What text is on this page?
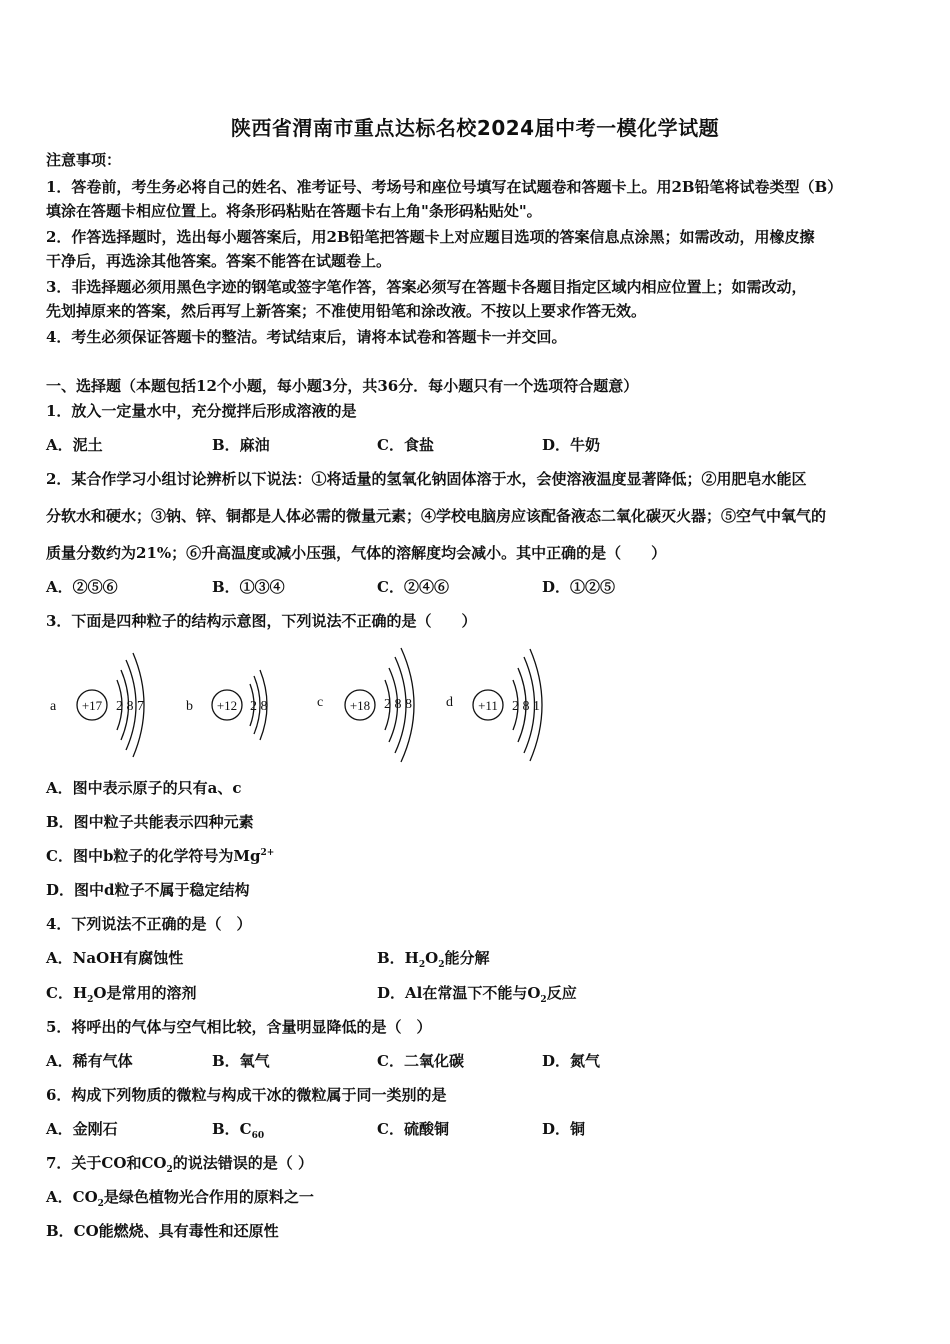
陕西省渭南市重点达标名校2024届中考一模化学试题
注意事项：
1．答卷前，考生务必将自己的姓名、准考证号、考场号和座位号填写在试题卷和答题卡上。用2B铅笔将试卷类型（B）
填涂在答题卡相应位置上。将条形码粘贴在答题卡右上角"条形码粘贴处"。
2．作答选择题时，选出每小题答案后，用2B铅笔把答题卡上对应题目选项的答案信息点涂黑；如需改动，用橡皮擦
干净后，再选涂其他答案。答案不能答在试题卷上。
3．非选择题必须用黑色字迹的钢笔或签字笔作答，答案必须写在答题卡各题目指定区域内相应位置上；如需改动，
先划掉原来的答案，然后再写上新答案；不准使用铅笔和涂改液。不按以上要求作答无效。
4．考生必须保证答题卡的整洁。考试结束后，请将本试卷和答题卡一并交回。
一、选择题（本题包括12个小题，每小题3分，共36分．每小题只有一个选项符合题意）
1．放入一定量水中，充分搅拌后形成溶液的是
A．泥土	B．麻油	C．食盐	D．牛奶
2．某合作学习小组讨论辨析以下说法：①将适量的氢氧化钠固体溶于水，会使溶液温度显著降低；②用肥皂水能区
分软水和硬水；③钠、锌、铜都是人体必需的微量元素；④学校电脑房应该配备液态二氧化碳灭火器；⑤空气中氧气的
质量分数约为21%；⑥升高温度或减小压强，气体的溶解度均会减小。其中正确的是（　　）
A．②⑤⑥	B．①③④	C．②④⑥	D．①②⑤
3．下面是四种粒子的结构示意图，下列说法不正确的是（　　）
a +17 2 8 7	b +12 2 8	c +18 2 8 8 d +11 2 8 1
A．图中表示原子的只有a、c
B．图中粒子共能表示四种元素
C．图中b粒子的化学符号为$Mg^{2+}$
D．图中d粒子不属于稳定结构
4．下列说法不正确的是（　）
A．NaOH有腐蚀性	B．$H_2O_2$能分解
C．$H_2O$是常用的溶剂	D．Al在常温下不能与$O_2$反应
5．将呼出的气体与空气相比较，含量明显降低的是（　）
A．稀有气体	B．氧气	C．二氧化碳	D．氮气
6．构成下列物质的微粒与构成干冰的微粒属于同一类别的是
A．金刚石	B．$C_{60}$	C．硫酸铜	D．铜
7．关于CO和$CO_2$的说法错误的是（ ）
A．$CO_2$是绿色植物光合作用的原料之一
B．CO能燃烧、具有毒性和还原性
